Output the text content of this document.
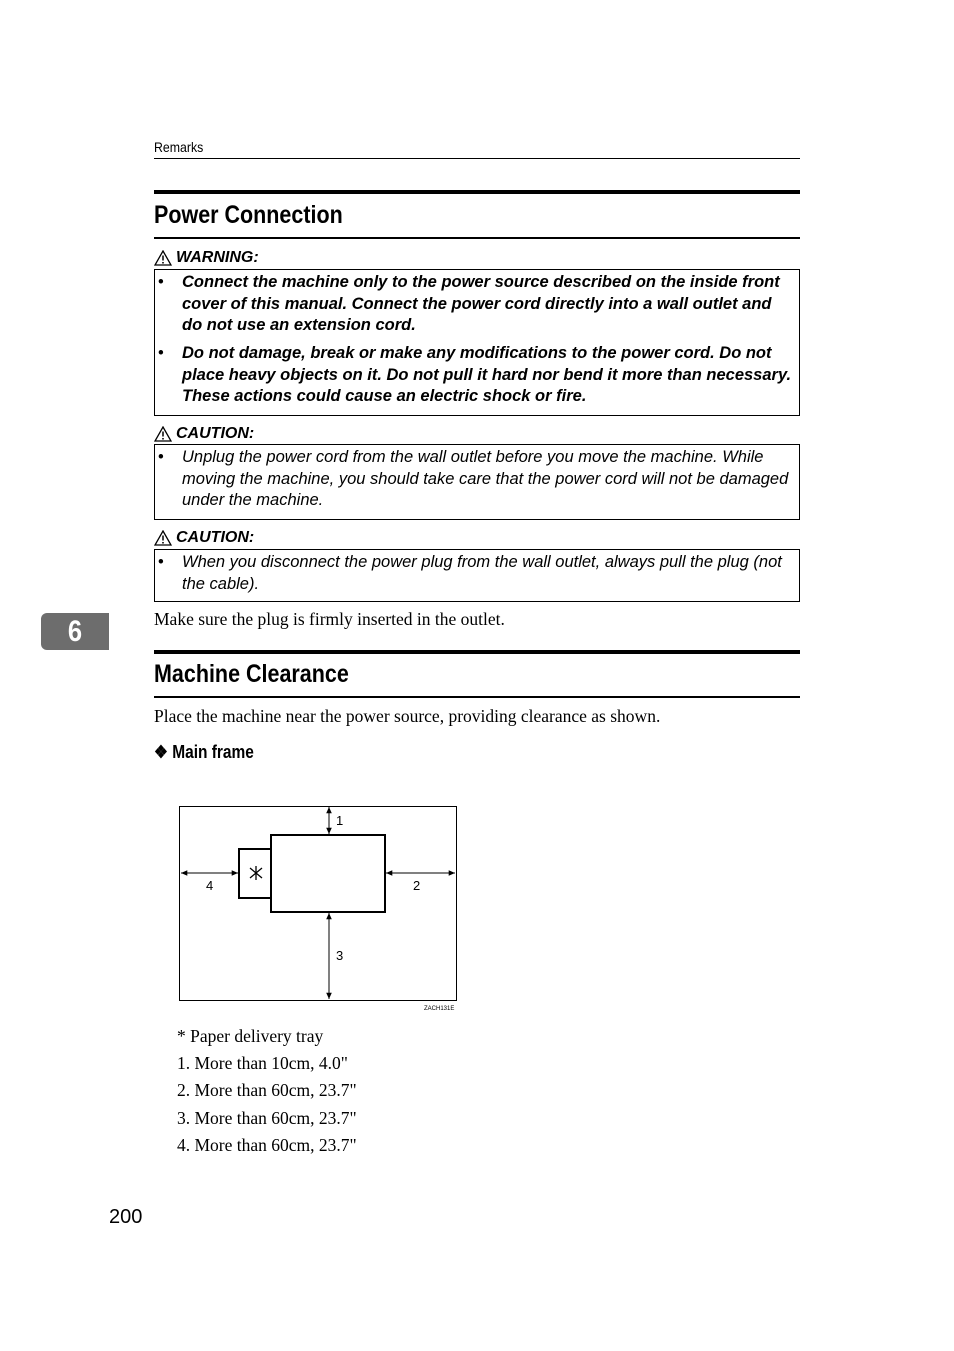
Remarks
Power Connection
WARNING:
• Connect the machine only to the power source described on the inside front cover of this manual. Connect the power cord directly into a wall outlet and do not use an extension cord.
• Do not damage, break or make any modifications to the power cord. Do not place heavy objects on it. Do not pull it hard nor bend it more than necessary. These actions could cause an electric shock or fire.
CAUTION:
• Unplug the power cord from the wall outlet before you move the machine. While moving the machine, you should take care that the power cord will not be damaged under the machine.
CAUTION:
• When you disconnect the power plug from the wall outlet, always pull the plug (not the cable).
Make sure the plug is firmly inserted in the outlet.
6
Machine Clearance
Place the machine near the power source, providing clearance as shown.
❖ Main frame
1
2
3
4
ZACH131E
* Paper delivery tray
1. More than 10cm, 4.0"
2. More than 60cm, 23.7"
3. More than 60cm, 23.7"
4. More than 60cm, 23.7"
200
